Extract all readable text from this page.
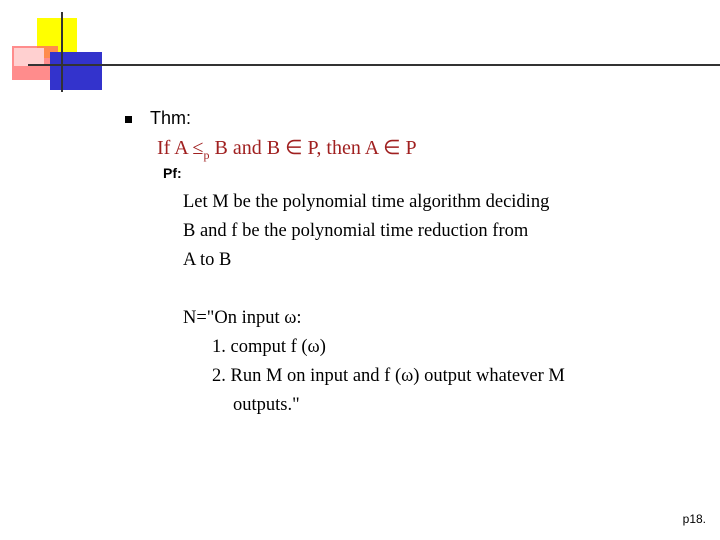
Thm:
If $A \le_p$ B and B ∈ P, then A ∈ P
Pf:
Let M be the polynomial time algorithm deciding
B and f be the polynomial time reduction from
A to B
N="On input ω:
1. comput f (ω)
2. Run M on input and f (ω) output whatever M
outputs."
p18.
